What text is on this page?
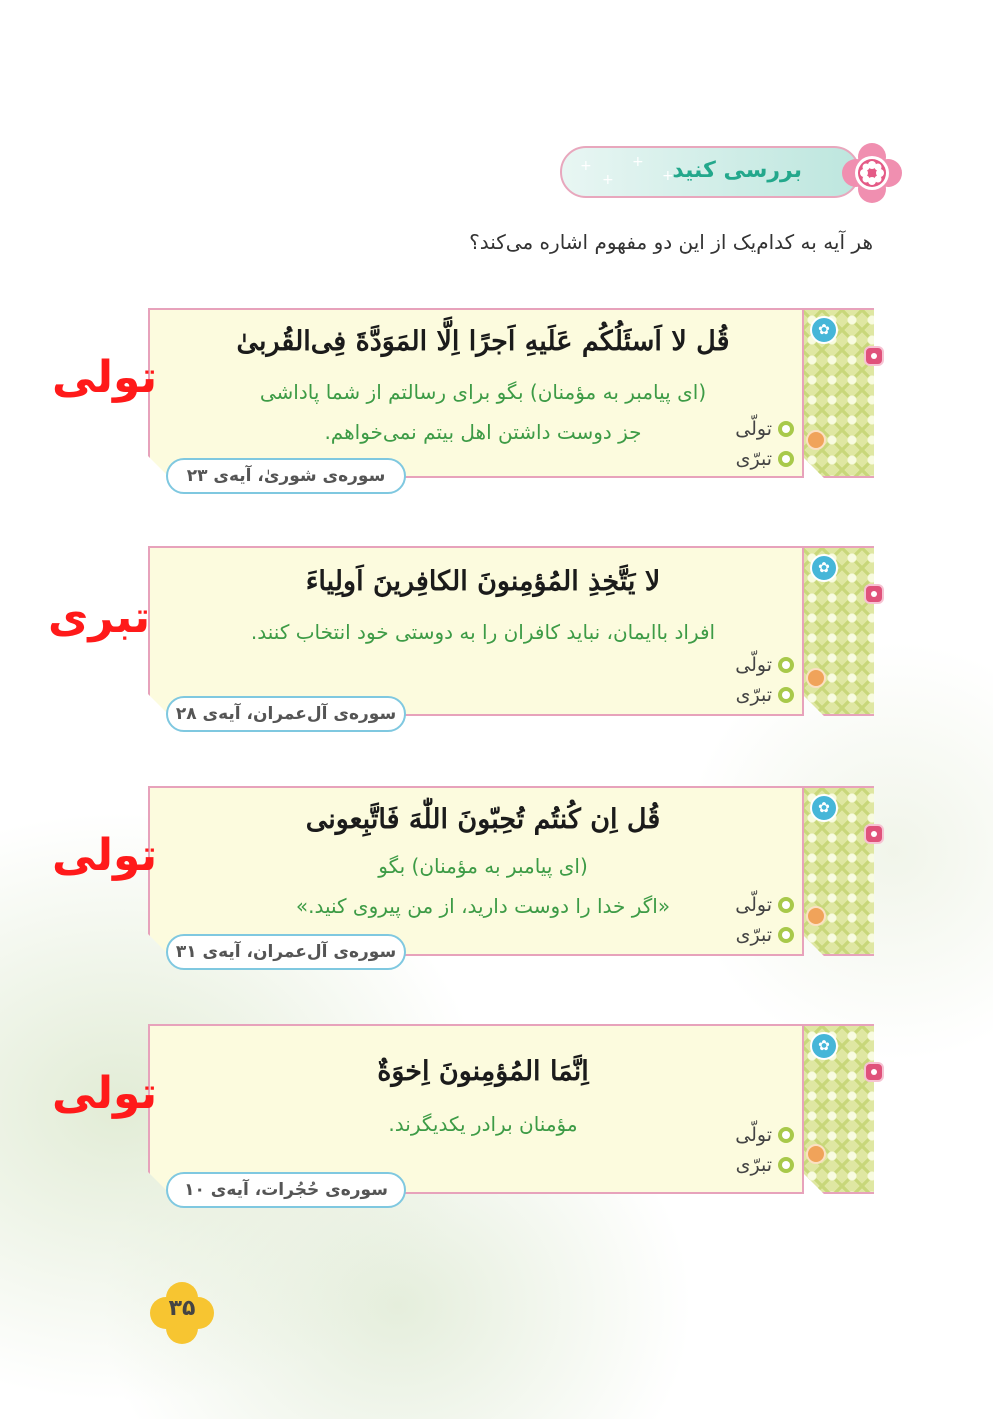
+
+
+
+
بررسی کنید
هر آیه به کدام‌یک از این دو مفهوم اشاره می‌کند؟
✿
قُل لا اَسئَلُکُم عَلَیهِ اَجرًا اِلَّا المَوَدَّةَ فِی‌القُربیٰ
(ای پیامبر به مؤمنان) بگو برای رسالتم از شما پاداشی
جز دوست داشتن اهل بیتم نمی‌خواهم.	تولّی
تبرّی
سوره‌ی شوریٰ، آیه‌ی ۲۳
تولی
✿
لا یَتَّخِذِ المُؤمِنونَ الکافِرینَ اَولِیاءَ
افراد باایمان، نباید کافران را به دوستی خود انتخاب کنند.
تولّی
تبرّی
سوره‌ی آل‌عمران، آیه‌ی ۲۸
تبری
✿
قُل اِن کُنتُم تُحِبّونَ اللّٰهَ فَاتَّبِعونی
(ای پیامبر به مؤمنان) بگو
«اگر خدا را دوست دارید، از من پیروی کنید.»	تولّی
تبرّی
سوره‌ی آل‌عمران، آیه‌ی ۳۱
تولی
✿
اِنَّمَا المُؤمِنونَ اِخوَةٌ
مؤمنان برادر یکدیگرند.	تولّی
تبرّی
سوره‌ی حُجُرات، آیه‌ی ۱۰
تولی
۳۵
